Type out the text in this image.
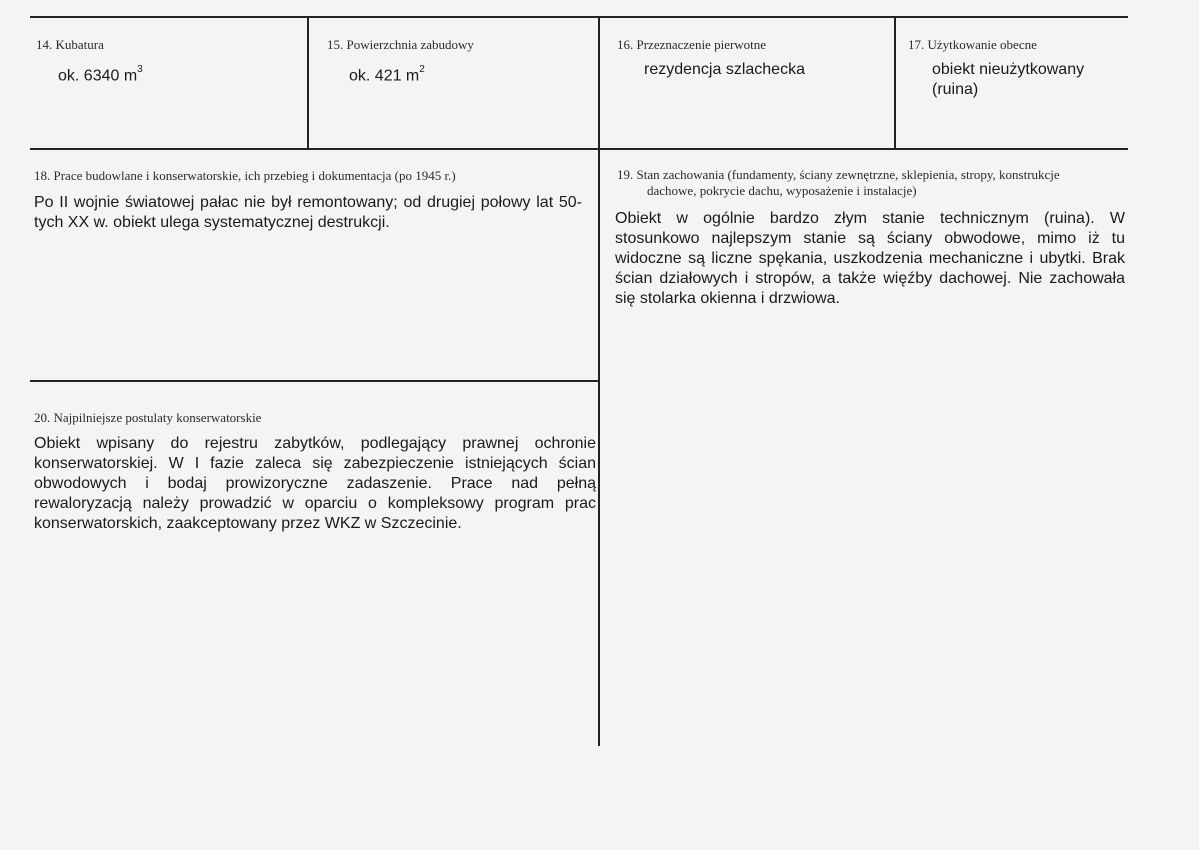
14. Kubatura
ok. 6340 $m^3$
15. Powierzchnia zabudowy
ok. 421 $m^2$
16. Przeznaczenie pierwotne
rezydencja szlachecka
17. Użytkowanie obecne
obiekt nieużytkowany
(ruina)
18. Prace budowlane i konserwatorskie, ich przebieg i dokumentacja (po 1945 r.)
Po II wojnie światowej pałac nie był remontowany; od drugiej połowy lat 50-tych XX w. obiekt ulega systematycznej destrukcji.
19. Stan zachowania (fundamenty, ściany zewnętrzne, sklepienia, stropy, konstrukcje
dachowe, pokrycie dachu, wyposażenie i instalacje)
Obiekt w ogólnie bardzo złym stanie technicznym (ruina). W stosunkowo najlepszym stanie są ściany obwodowe, mimo iż tu widoczne są liczne spękania, uszkodzenia mechaniczne i ubytki. Brak ścian działowych i stropów, a także więźby dachowej. Nie zachowała się stolarka okienna i drzwiowa.
20. Najpilniejsze postulaty konserwatorskie
Obiekt wpisany do rejestru zabytków, podlegający prawnej ochronie konserwatorskiej. W I fazie zaleca się zabezpieczenie istniejących ścian obwodowych i bodaj prowizoryczne zadaszenie. Prace nad pełną rewaloryzacją należy prowadzić w oparciu o kompleksowy program prac konserwatorskich, zaakceptowany przez WKZ w Szczecinie.
